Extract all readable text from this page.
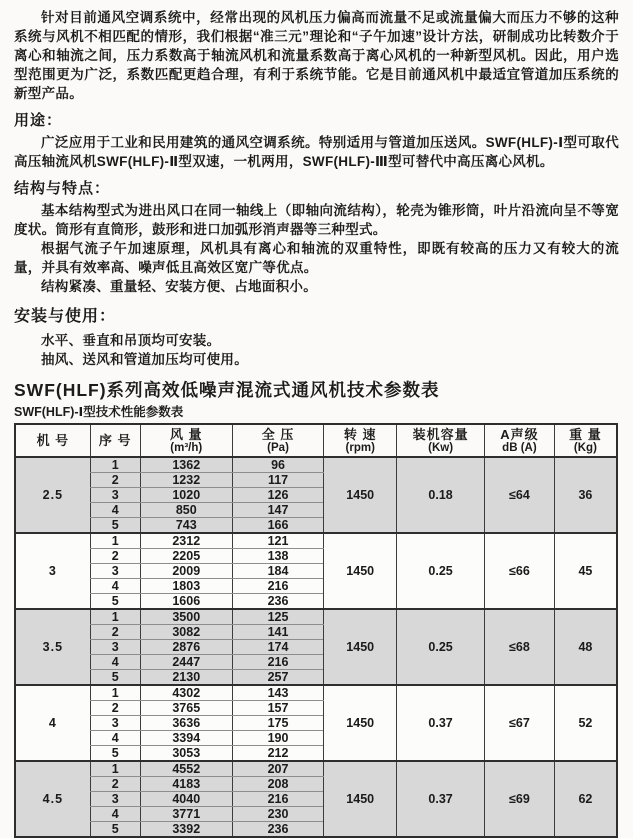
针对目前通风空调系统中，经常出现的风机压力偏高而流量不足或流量偏大而压力不够的这种系统与风机不相匹配的情形，我们根据“准三元”理论和“子午加速”设计方法，研制成功比转数介于离心和轴流之间，压力系数高于轴流风机和流量系数高于离心风机的一种新型风机。因此，用户选型范围更为广泛，系数匹配更趋合理，有利于系统节能。它是目前通风机中最适宜管道加压系统的新型产品。

用途：

广泛应用于工业和民用建筑的通风空调系统。特别适用与管道加压送风。SWF(HLF)-Ⅰ型可取代高压轴流风机SWF(HLF)-Ⅱ型双速，一机两用，SWF(HLF)-Ⅲ型可替代中高压离心风机。

结构与特点：

基本结构型式为进出风口在同一轴线上（即轴向流结构），轮壳为锥形筒，叶片沿流向呈不等宽度状。筒形有直筒形，鼓形和进口加弧形消声器等三种型式。

根据气流子午加速原理，风机具有离心和轴流的双重特性，即既有较高的压力又有较大的流量，并具有效率高、噪声低且高效区宽广等优点。

结构紧凑、重量轻、安装方便、占地面积小。

安装与使用：

水平、垂直和吊顶均可安装。

抽风、送风和管道加压均可使用。

SWF(HLF)系列高效低噪声混流式通风机技术参数表
SWF(HLF)-Ⅰ型技术性能参数表
机 号	序 号	风 量
(m³/h)	全 压
(Pa)	转 速
(rpm)	装机容量
(Kw)	A声级
dB (A)	重 量
(Kg)

2.5	1	1362	96	1450	0.18	≤64	36
	2	1232	117				
	3	1020	126				
	4	850	147				
	5	743	166				
3	1	2312	121	1450	0.25	≤66	45
	2	2205	138				
	3	2009	184				
	4	1803	216				
	5	1606	236				
3.5	1	3500	125	1450	0.25	≤68	48
	2	3082	141				
	3	2876	174				
	4	2447	216				
	5	2130	257				
4	1	4302	143	1450	0.37	≤67	52
	2	3765	157				
	3	3636	175				
	4	3394	190				
	5	3053	212				
4.5	1	4552	207	1450	0.37	≤69	62
	2	4183	208				
	3	4040	216				
	4	3771	230				
	5	3392	236				
